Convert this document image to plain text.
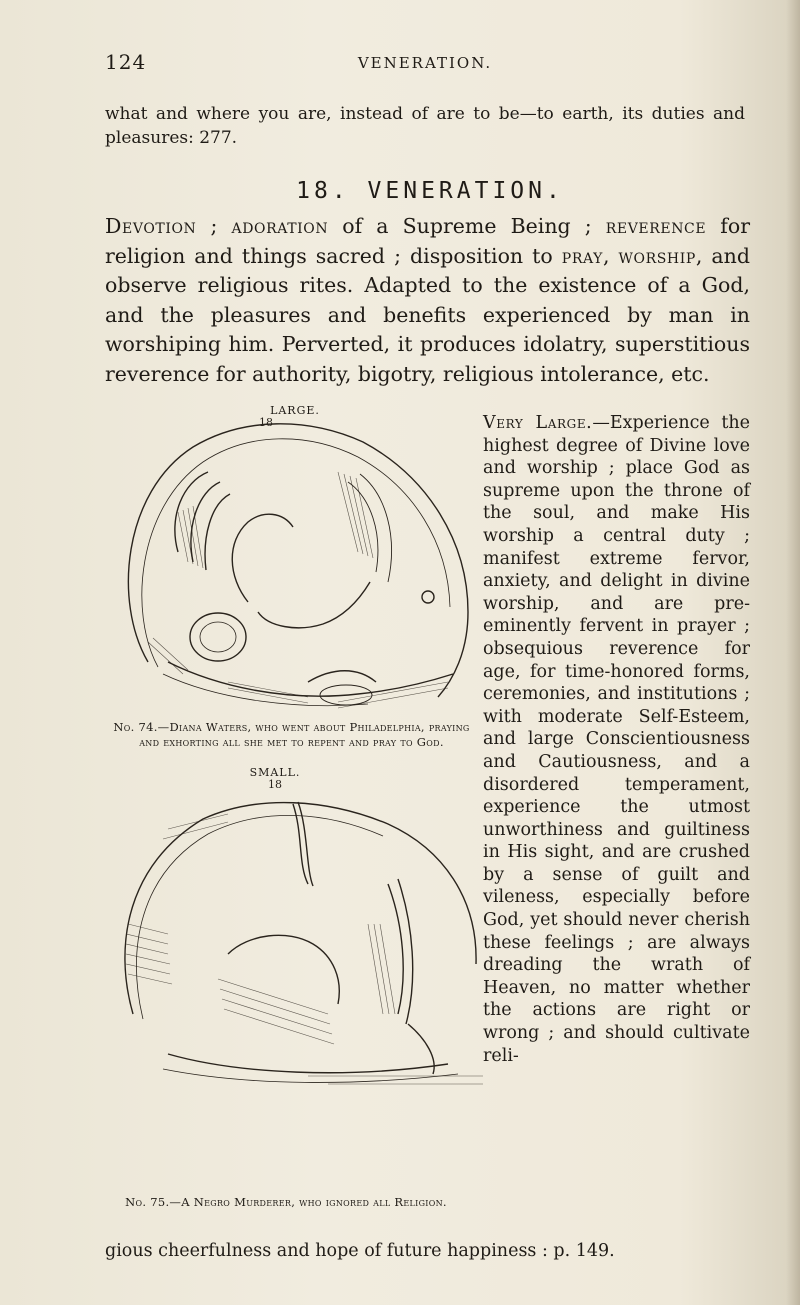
124	VENERATION.
what and where you are, instead of are to be—to earth, its duties and pleasures: 277.
18. VENERATION.
Devotion ; adoration of a Supreme Being ; reverence for religion and things sacred ; disposition to pray, worship, and observe religious rites. Adapted to the existence of a God, and the pleasures and benefits experienced by man in worshiping him. Perverted, it produces idolatry, superstitious reverence for authority, bigotry, religious intolerance, etc.
LARGE.
18
No. 74.—Diana Waters, who went about Philadelphia, praying and exhorting all she met to repent and pray to God.
SMALL.
18
No. 75.—A Negro Murderer, who ignored all Religion.
Very Large.—Experience the highest degree of Divine love and worship ; place God as supreme upon the throne of the soul, and make His worship a central duty ; manifest extreme fervor, anxiety, and delight in divine worship, and are pre-eminently fervent in prayer ; obsequious reverence for age, for time-honored forms, ceremonies, and institutions ; with moderate Self-Esteem, and large Conscientiousness and Cautiousness, and a disordered temperament, experience the utmost unworthiness and guiltiness in His sight, and are crushed by a sense of guilt and vileness, especially before God, yet should never cherish these feelings ; are always dreading the wrath of Heaven, no matter whether the actions are right or wrong ; and should cultivate reli-
gious cheerfulness and hope of future happiness : p. 149.
